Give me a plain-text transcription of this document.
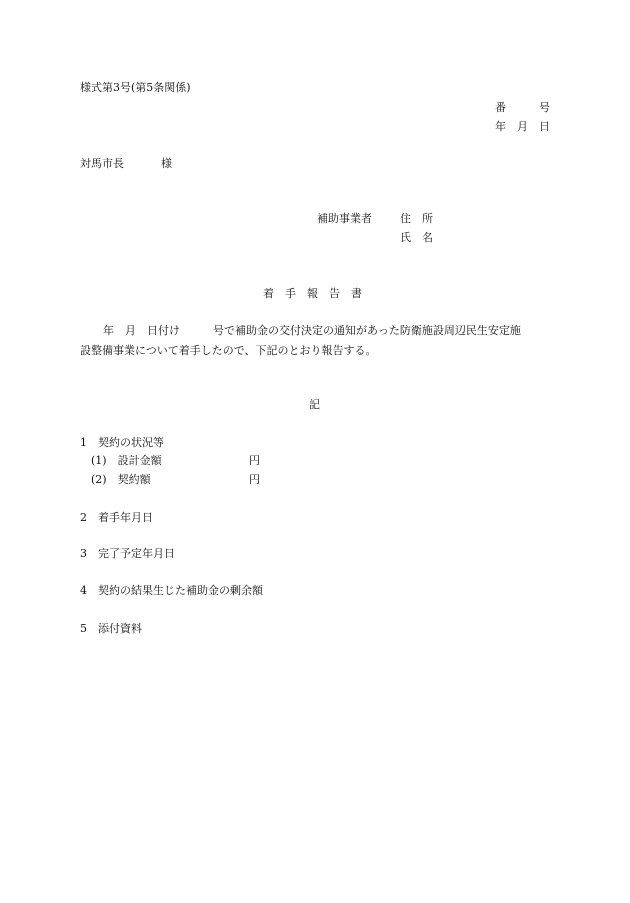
様式第3号(第5条関係)
番　　　号
年　月　日
対馬市長	様
補助事業者	住　所
氏　名
着　手　報　告　書
　年　月　日付け　　　号で補助金の交付決定の通知があった防衛施設周辺民生安定施
設整備事業について着手したので、下記のとおり報告する。
記
1　契約の状況等
(1)　設計金額	円
(2)　契約額	円
2　着手年月日
3　完了予定年月日
4　契約の結果生じた補助金の剰余額
5　添付資料
